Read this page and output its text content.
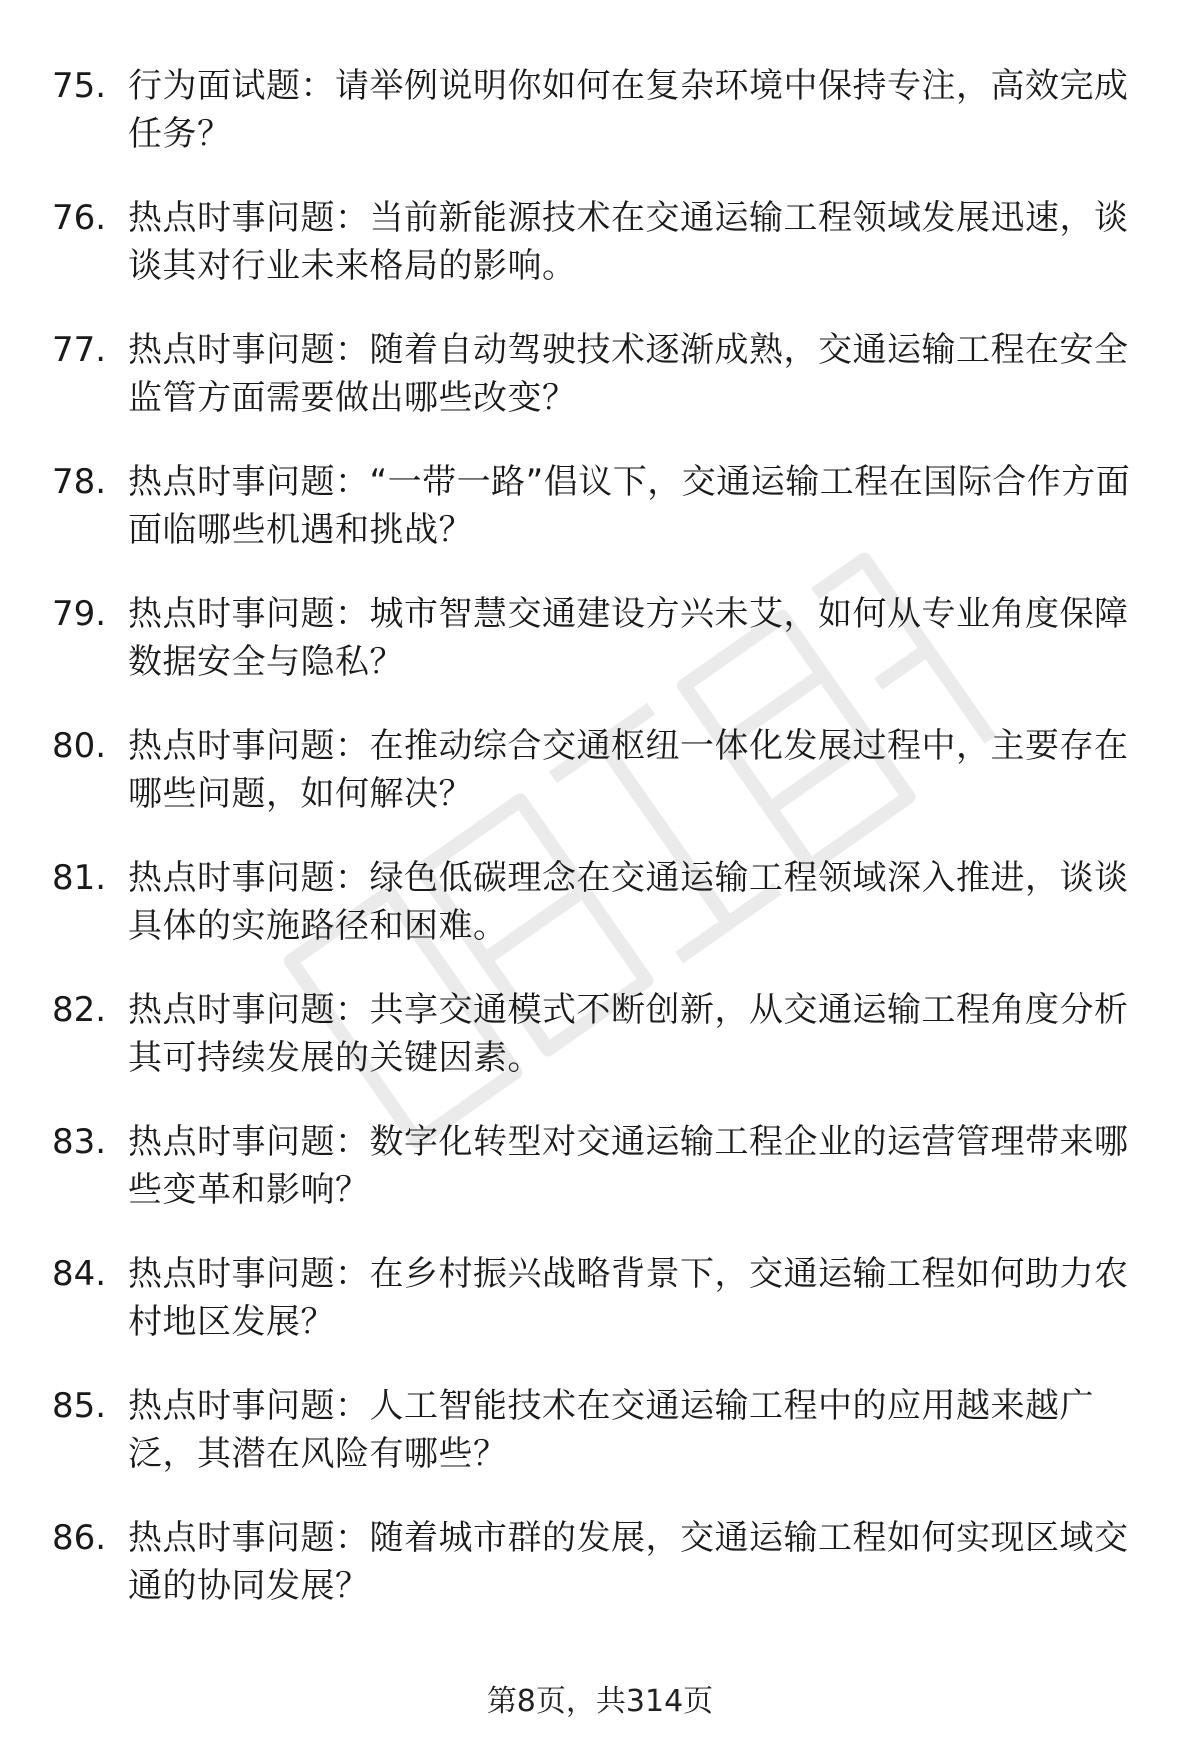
75. 行为面试题：请举例说明你如何在复杂环境中保持专注，高效完成任务？
76. 热点时事问题：当前新能源技术在交通运输工程领域发展迅速，谈谈其对行业未来格局的影响。
77. 热点时事问题：随着自动驾驶技术逐渐成熟，交通运输工程在安全监管方面需要做出哪些改变？
78. 热点时事问题：“一带一路”倡议下，交通运输工程在国际合作方面面临哪些机遇和挑战？
79. 热点时事问题：城市智慧交通建设方兴未艾，如何从专业角度保障数据安全与隐私？
80. 热点时事问题：在推动综合交通枢纽一体化发展过程中，主要存在哪些问题，如何解决？
81. 热点时事问题：绿色低碳理念在交通运输工程领域深入推进，谈谈具体的实施路径和困难。
82. 热点时事问题：共享交通模式不断创新，从交通运输工程角度分析其可持续发展的关键因素。
83. 热点时事问题：数字化转型对交通运输工程企业的运营管理带来哪些变革和影响？
84. 热点时事问题：在乡村振兴战略背景下，交通运输工程如何助力农村地区发展？
85. 热点时事问题：人工智能技术在交通运输工程中的应用越来越广泛，其潜在风险有哪些？
86. 热点时事问题：随着城市群的发展，交通运输工程如何实现区域交通的协同发展？
第8页，共314页
